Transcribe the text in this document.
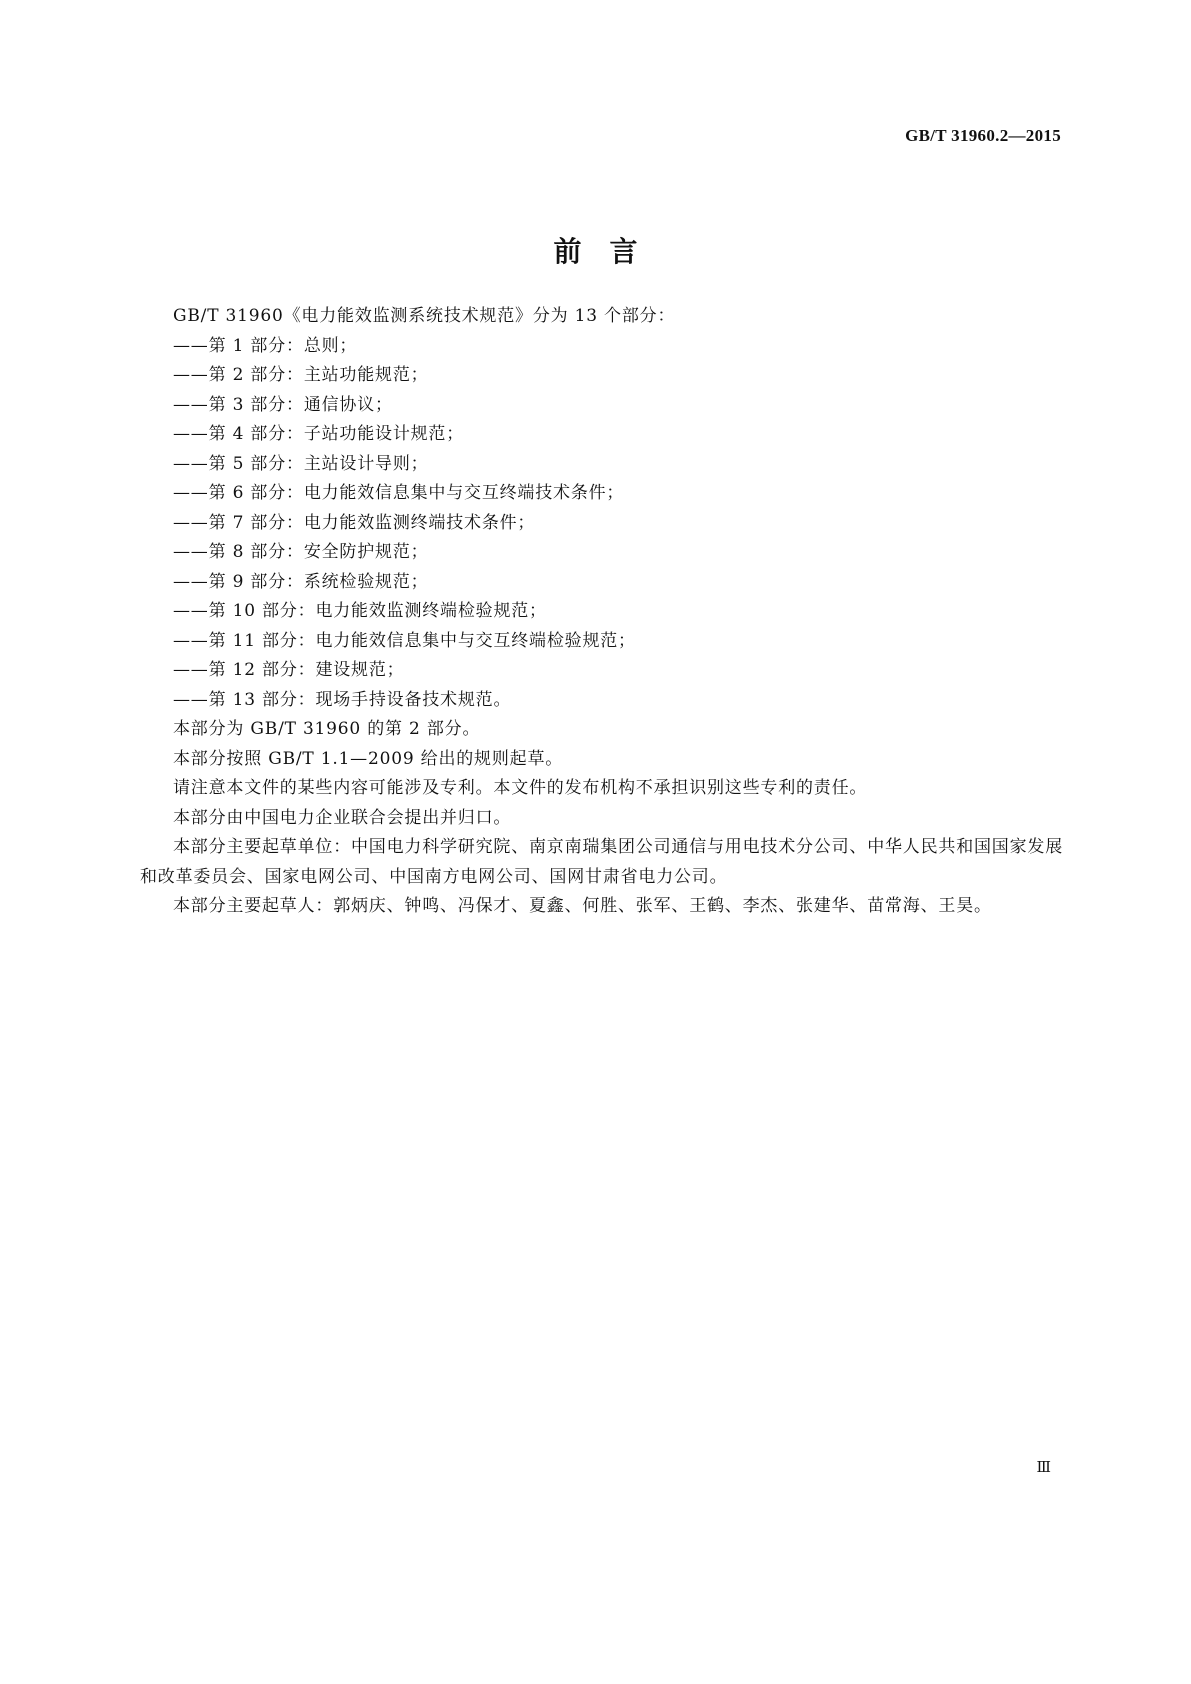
GB/T 31960.2—2015

前　言

GB/T 31960《电力能效监测系统技术规范》分为 13 个部分：

——第 1 部分：总则；
——第 2 部分：主站功能规范；
——第 3 部分：通信协议；
——第 4 部分：子站功能设计规范；
——第 5 部分：主站设计导则；
——第 6 部分：电力能效信息集中与交互终端技术条件；
——第 7 部分：电力能效监测终端技术条件；
——第 8 部分：安全防护规范；
——第 9 部分：系统检验规范；
——第 10 部分：电力能效监测终端检验规范；
——第 11 部分：电力能效信息集中与交互终端检验规范；
——第 12 部分：建设规范；
——第 13 部分：现场手持设备技术规范。

本部分为 GB/T 31960 的第 2 部分。

本部分按照 GB/T 1.1—2009 给出的规则起草。

请注意本文件的某些内容可能涉及专利。本文件的发布机构不承担识别这些专利的责任。

本部分由中国电力企业联合会提出并归口。

本部分主要起草单位：中国电力科学研究院、南京南瑞集团公司通信与用电技术分公司、中华人民共和国国家发展和改革委员会、国家电网公司、中国南方电网公司、国网甘肃省电力公司。

本部分主要起草人：郭炳庆、钟鸣、冯保才、夏鑫、何胜、张军、王鹤、李杰、张建华、苗常海、王昊。

Ⅲ
